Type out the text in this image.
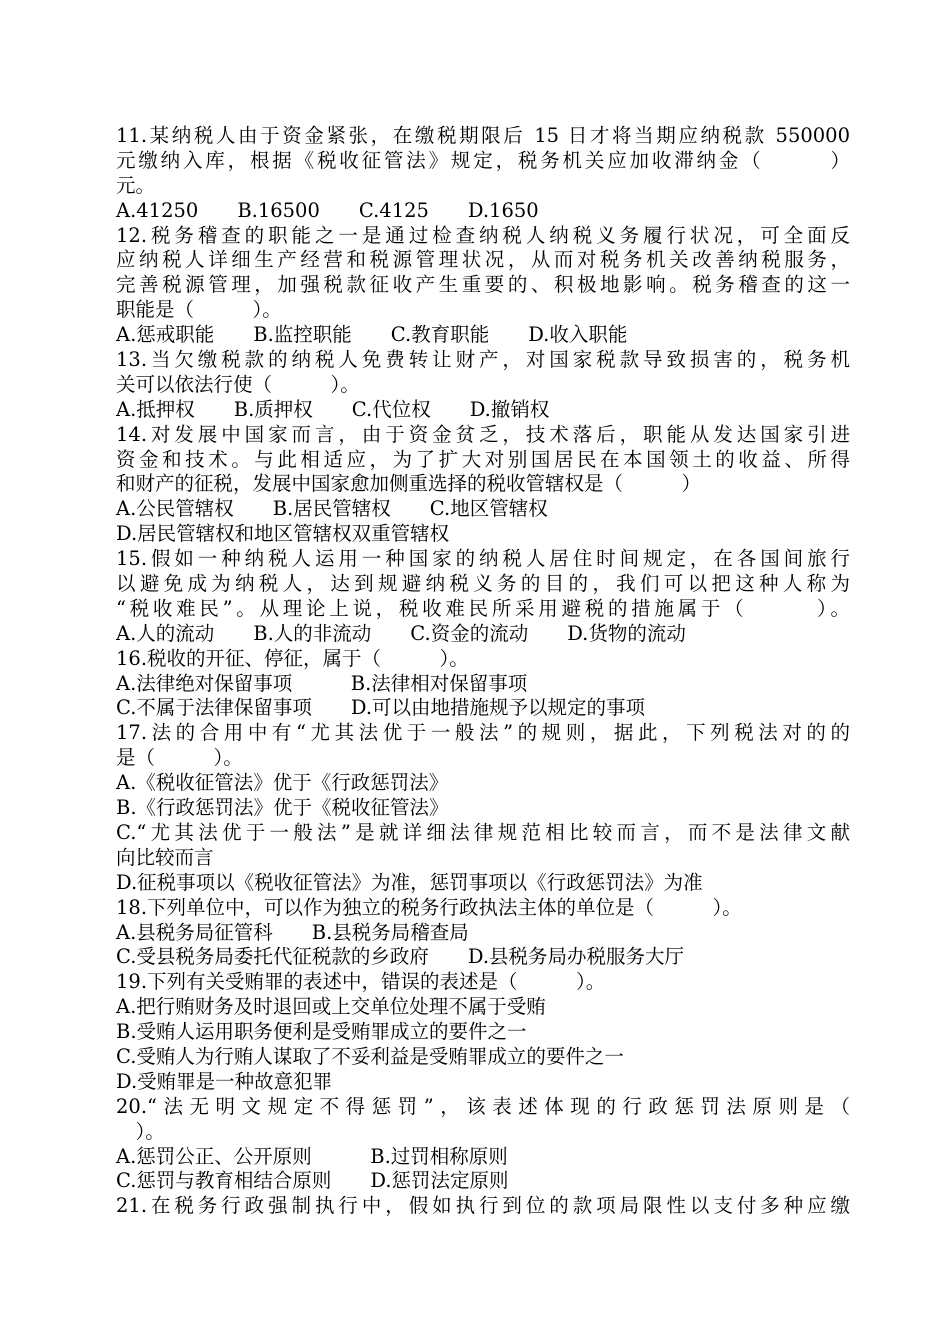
11.某纳税人由于资金紧张，在缴税期限后 15 日才将当期应纳税款 550000
元缴纳入库，根据《税收征管法》规定，税务机关应加收滞纳金（　　　）
元。
A.41250　　B.16500　　C.4125　　D.1650
12.税务稽查的职能之一是通过检查纳税人纳税义务履行状况，可全面反
应纳税人详细生产经营和税源管理状况，从而对税务机关改善纳税服务，
完善税源管理，加强税款征收产生重要的、积极地影响。税务稽查的这一
职能是（　　　）。
A.惩戒职能　　B.监控职能　　C.教育职能　　D.收入职能
13.当欠缴税款的纳税人免费转让财产，对国家税款导致损害的，税务机
关可以依法行使（　　　）。
A.抵押权　　B.质押权　　C.代位权　　D.撤销权
14.对发展中国家而言，由于资金贫乏，技术落后，职能从发达国家引进
资金和技术。与此相适应，为了扩大对别国居民在本国领土的收益、所得
和财产的征税，发展中国家愈加侧重选择的税收管辖权是（　　　）
A.公民管辖权　　B.居民管辖权　　C.地区管辖权
D.居民管辖权和地区管辖权双重管辖权
15.假如一种纳税人运用一种国家的纳税人居住时间规定，在各国间旅行
以避免成为纳税人，达到规避纳税义务的目的，我们可以把这种人称为
“税收难民”。从理论上说，税收难民所采用避税的措施属于（　　　）。
A.人的流动　　B.人的非流动　　C.资金的流动　　D.货物的流动
16.税收的开征、停征，属于（　　　）。
A.法律绝对保留事项　　　B.法律相对保留事项
C.不属于法律保留事项　　D.可以由地措施规予以规定的事项
17.法的合用中有“尤其法优于一般法”的规则，据此，下列税法对的的
是（　　　）。
A.《税收征管法》优于《行政惩罚法》
B.《行政惩罚法》优于《税收征管法》
C.“尤其法优于一般法”是就详细法律规范相比较而言，而不是法律文献
向比较而言
D.征税事项以《税收征管法》为准，惩罚事项以《行政惩罚法》为准
18.下列单位中，可以作为独立的税务行政执法主体的单位是（　　　）。
A.县税务局征管科　　B.县税务局稽查局
C.受县税务局委托代征税款的乡政府　　D.县税务局办税服务大厅
19.下列有关受贿罪的表述中，错误的表述是（　　　）。
A.把行贿财务及时退回或上交单位处理不属于受贿
B.受贿人运用职务便利是受贿罪成立的要件之一
C.受贿人为行贿人谋取了不妥利益是受贿罪成立的要件之一
D.受贿罪是一种故意犯罪
20.“法无明文规定不得惩罚”，该表述体现的行政惩罚法原则是（
　）。
A.惩罚公正、公开原则　　　B.过罚相称原则
C.惩罚与教育相结合原则　　D.惩罚法定原则
21.在税务行政强制执行中，假如执行到位的款项局限性以支付多种应缴
